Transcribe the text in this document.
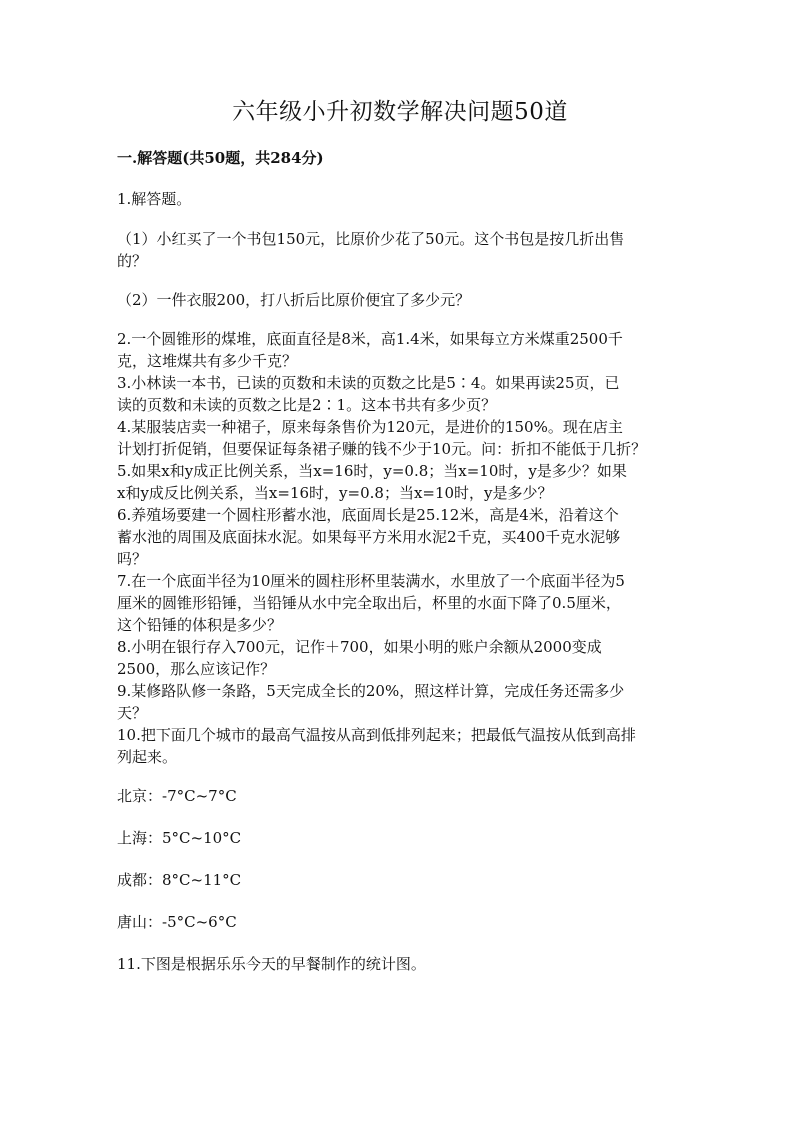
六年级小升初数学解决问题50道
一.解答题(共50题，共284分)
1.解答题。
（1）小红买了一个书包150元，比原价少花了50元。这个书包是按几折出售
的？
（2）一件衣服200，打八折后比原价便宜了多少元？
2.一个圆锥形的煤堆，底面直径是8米，高1.4米，如果每立方米煤重2500千
克，这堆煤共有多少千克？
3.小林读一本书，已读的页数和未读的页数之比是5∶4。如果再读25页，已
读的页数和未读的页数之比是2∶1。这本书共有多少页？
4.某服装店卖一种裙子，原来每条售价为120元，是进价的150%。现在店主
计划打折促销，但要保证每条裙子赚的钱不少于10元。问：折扣不能低于几折？
5.如果x和y成正比例关系，当x=16时，y=0.8；当x=10时，y是多少？如果
x和y成反比例关系，当x=16时，y=0.8；当x=10时，y是多少？
6.养殖场要建一个圆柱形蓄水池，底面周长是25.12米，高是4米，沿着这个
蓄水池的周围及底面抹水泥。如果每平方米用水泥2千克，买400千克水泥够
吗？
7.在一个底面半径为10厘米的圆柱形杯里装满水，水里放了一个底面半径为5
厘米的圆锥形铅锤，当铅锤从水中完全取出后，杯里的水面下降了0.5厘米，
这个铅锤的体积是多少？
8.小明在银行存入700元，记作＋700，如果小明的账户余额从2000变成
2500，那么应该记作？
9.某修路队修一条路，5天完成全长的20%，照这样计算，完成任务还需多少
天？
10.把下面几个城市的最高气温按从高到低排列起来；把最低气温按从低到高排
列起来。
北京：-7°C~7°C
上海：5°C~10°C
成都：8°C~11°C
唐山：-5°C~6°C
11.下图是根据乐乐今天的早餐制作的统计图。
